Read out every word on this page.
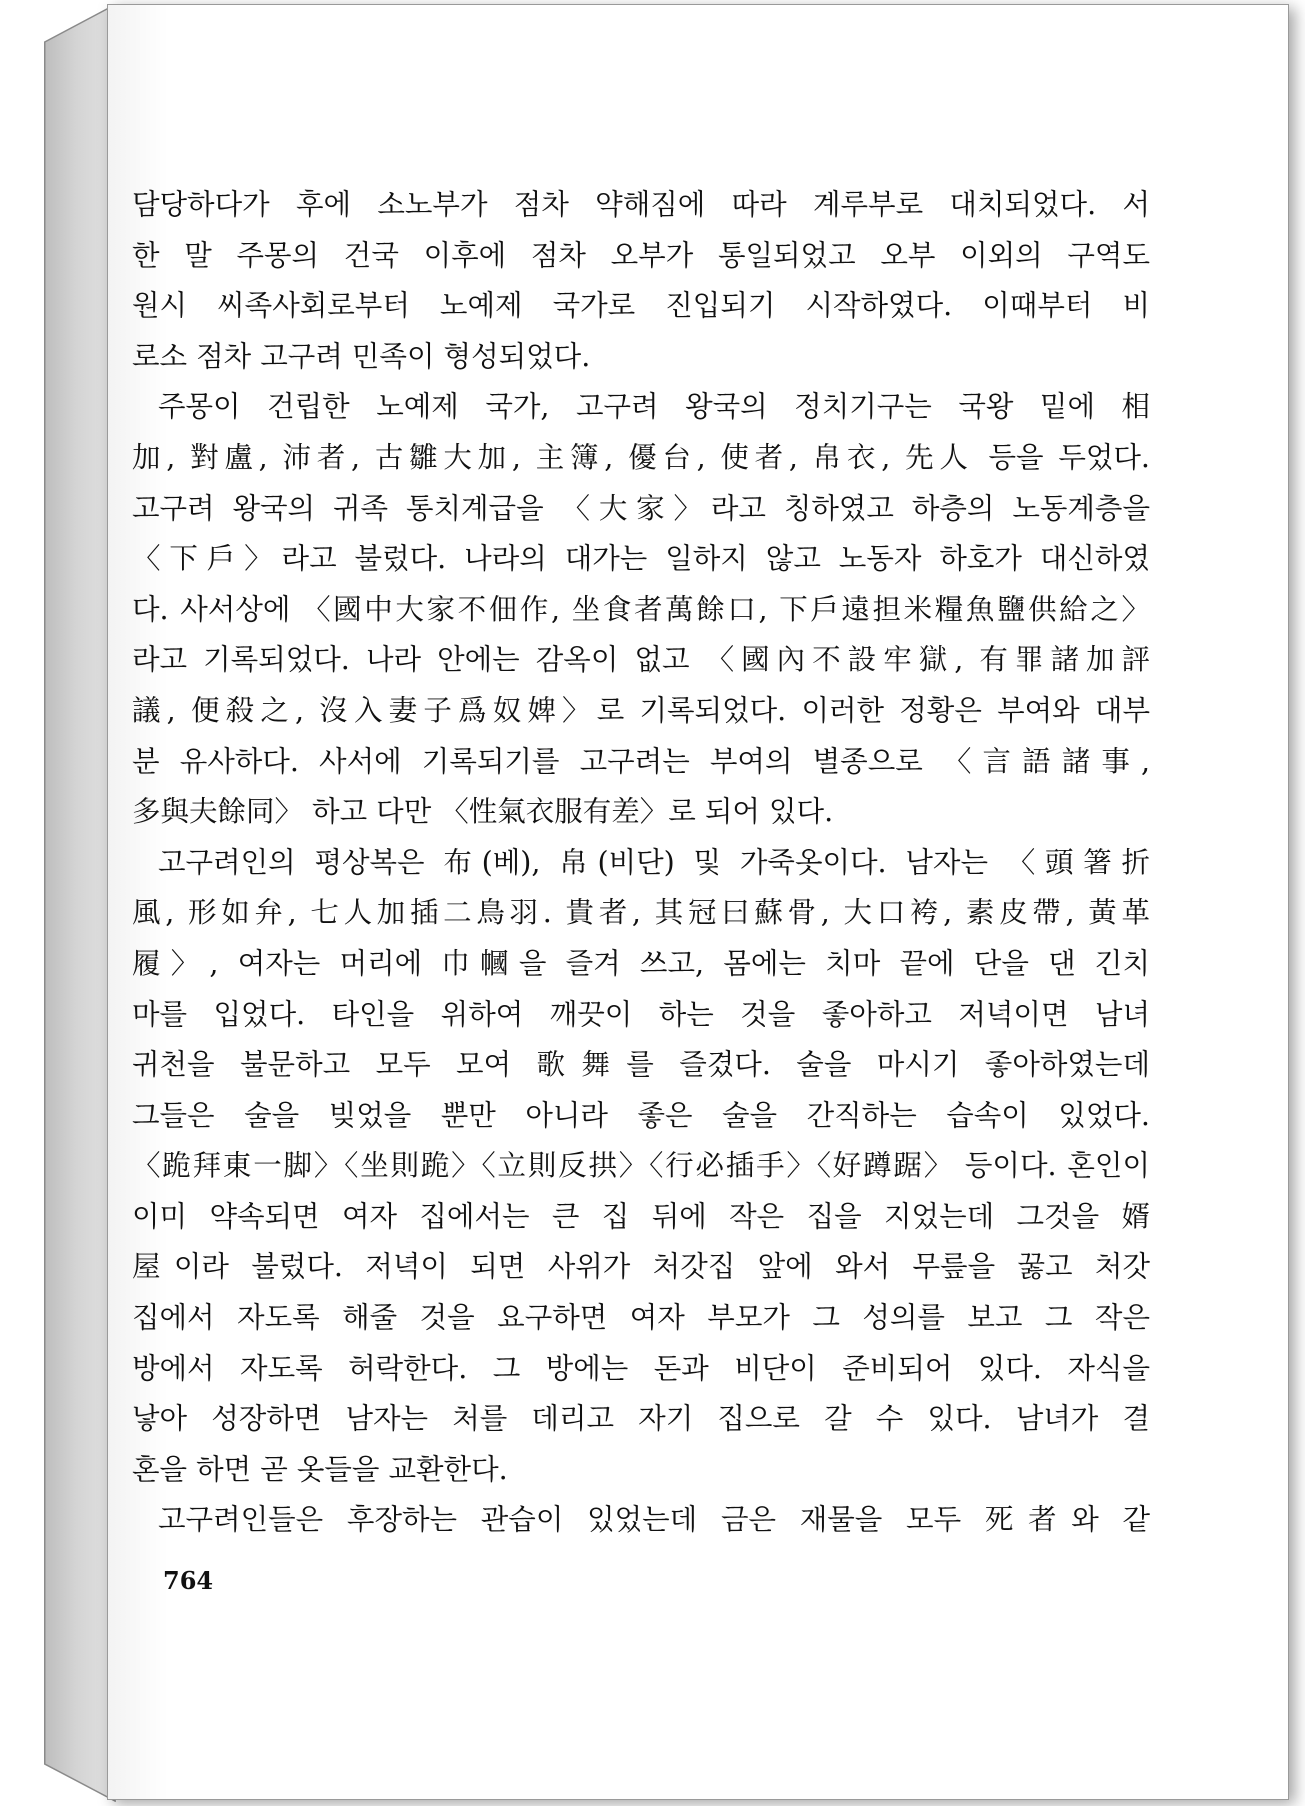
담당하다가 후에 소노부가 점차 약해짐에 따라 계루부로 대치되었다. 서
한 말 주몽의 건국 이후에 점차 오부가 통일되었고 오부 이외의 구역도
원시 씨족사회로부터 노예제 국가로 진입되기 시작하였다. 이때부터 비
로소 점차 고구려 민족이 형성되었다.
주몽이 건립한 노예제 국가, 고구려 왕국의 정치기구는 국왕 밑에 相
加, 對盧, 沛者, 古雛大加, 主簿, 優台, 使者, 帛衣, 先人 등을 두었다.
고구려 왕국의 귀족 통치계급을 〈大家〉라고 칭하였고 하층의 노동계층을
〈下戶〉라고 불렀다. 나라의 대가는 일하지 않고 노동자 하호가 대신하였
다. 사서상에 〈國中大家不佃作, 坐食者萬餘口, 下戶遠担米糧魚鹽供給之〉
라고 기록되었다. 나라 안에는 감옥이 없고 〈國內不設牢獄, 有罪諸加評
議, 便殺之, 沒入妻子爲奴婢〉로 기록되었다. 이러한 정황은 부여와 대부
분 유사하다. 사서에 기록되기를 고구려는 부여의 별종으로 〈言語諸事,
多與夫餘同〉 하고 다만 〈性氣衣服有差〉로 되어 있다.
고구려인의 평상복은 布(베), 帛(비단) 및 가죽옷이다. 남자는 〈頭箸折
風, 形如弁, 七人加插二鳥羽. 貴者, 其冠曰蘇骨, 大口袴, 素皮帶, 黃革
履〉, 여자는 머리에 巾幗을 즐겨 쓰고, 몸에는 치마 끝에 단을 댄 긴치
마를 입었다. 타인을 위하여 깨끗이 하는 것을 좋아하고 저녁이면 남녀
귀천을 불문하고 모두 모여 歌舞를 즐겼다. 술을 마시기 좋아하였는데
그들은 술을 빚었을 뿐만 아니라 좋은 술을 간직하는 습속이 있었다.
〈跪拜東一脚〉〈坐則跪〉〈立則反拱〉〈行必插手〉〈好蹲踞〉 등이다. 혼인이
이미 약속되면 여자 집에서는 큰 집 뒤에 작은 집을 지었는데 그것을 婿
屋이라 불렀다. 저녁이 되면 사위가 처갓집 앞에 와서 무릎을 꿇고 처갓
집에서 자도록 해줄 것을 요구하면 여자 부모가 그 성의를 보고 그 작은
방에서 자도록 허락한다. 그 방에는 돈과 비단이 준비되어 있다. 자식을
낳아 성장하면 남자는 처를 데리고 자기 집으로 갈 수 있다. 남녀가 결
혼을 하면 곧 옷들을 교환한다.
고구려인들은 후장하는 관습이 있었는데 금은 재물을 모두 死者와 같
764
